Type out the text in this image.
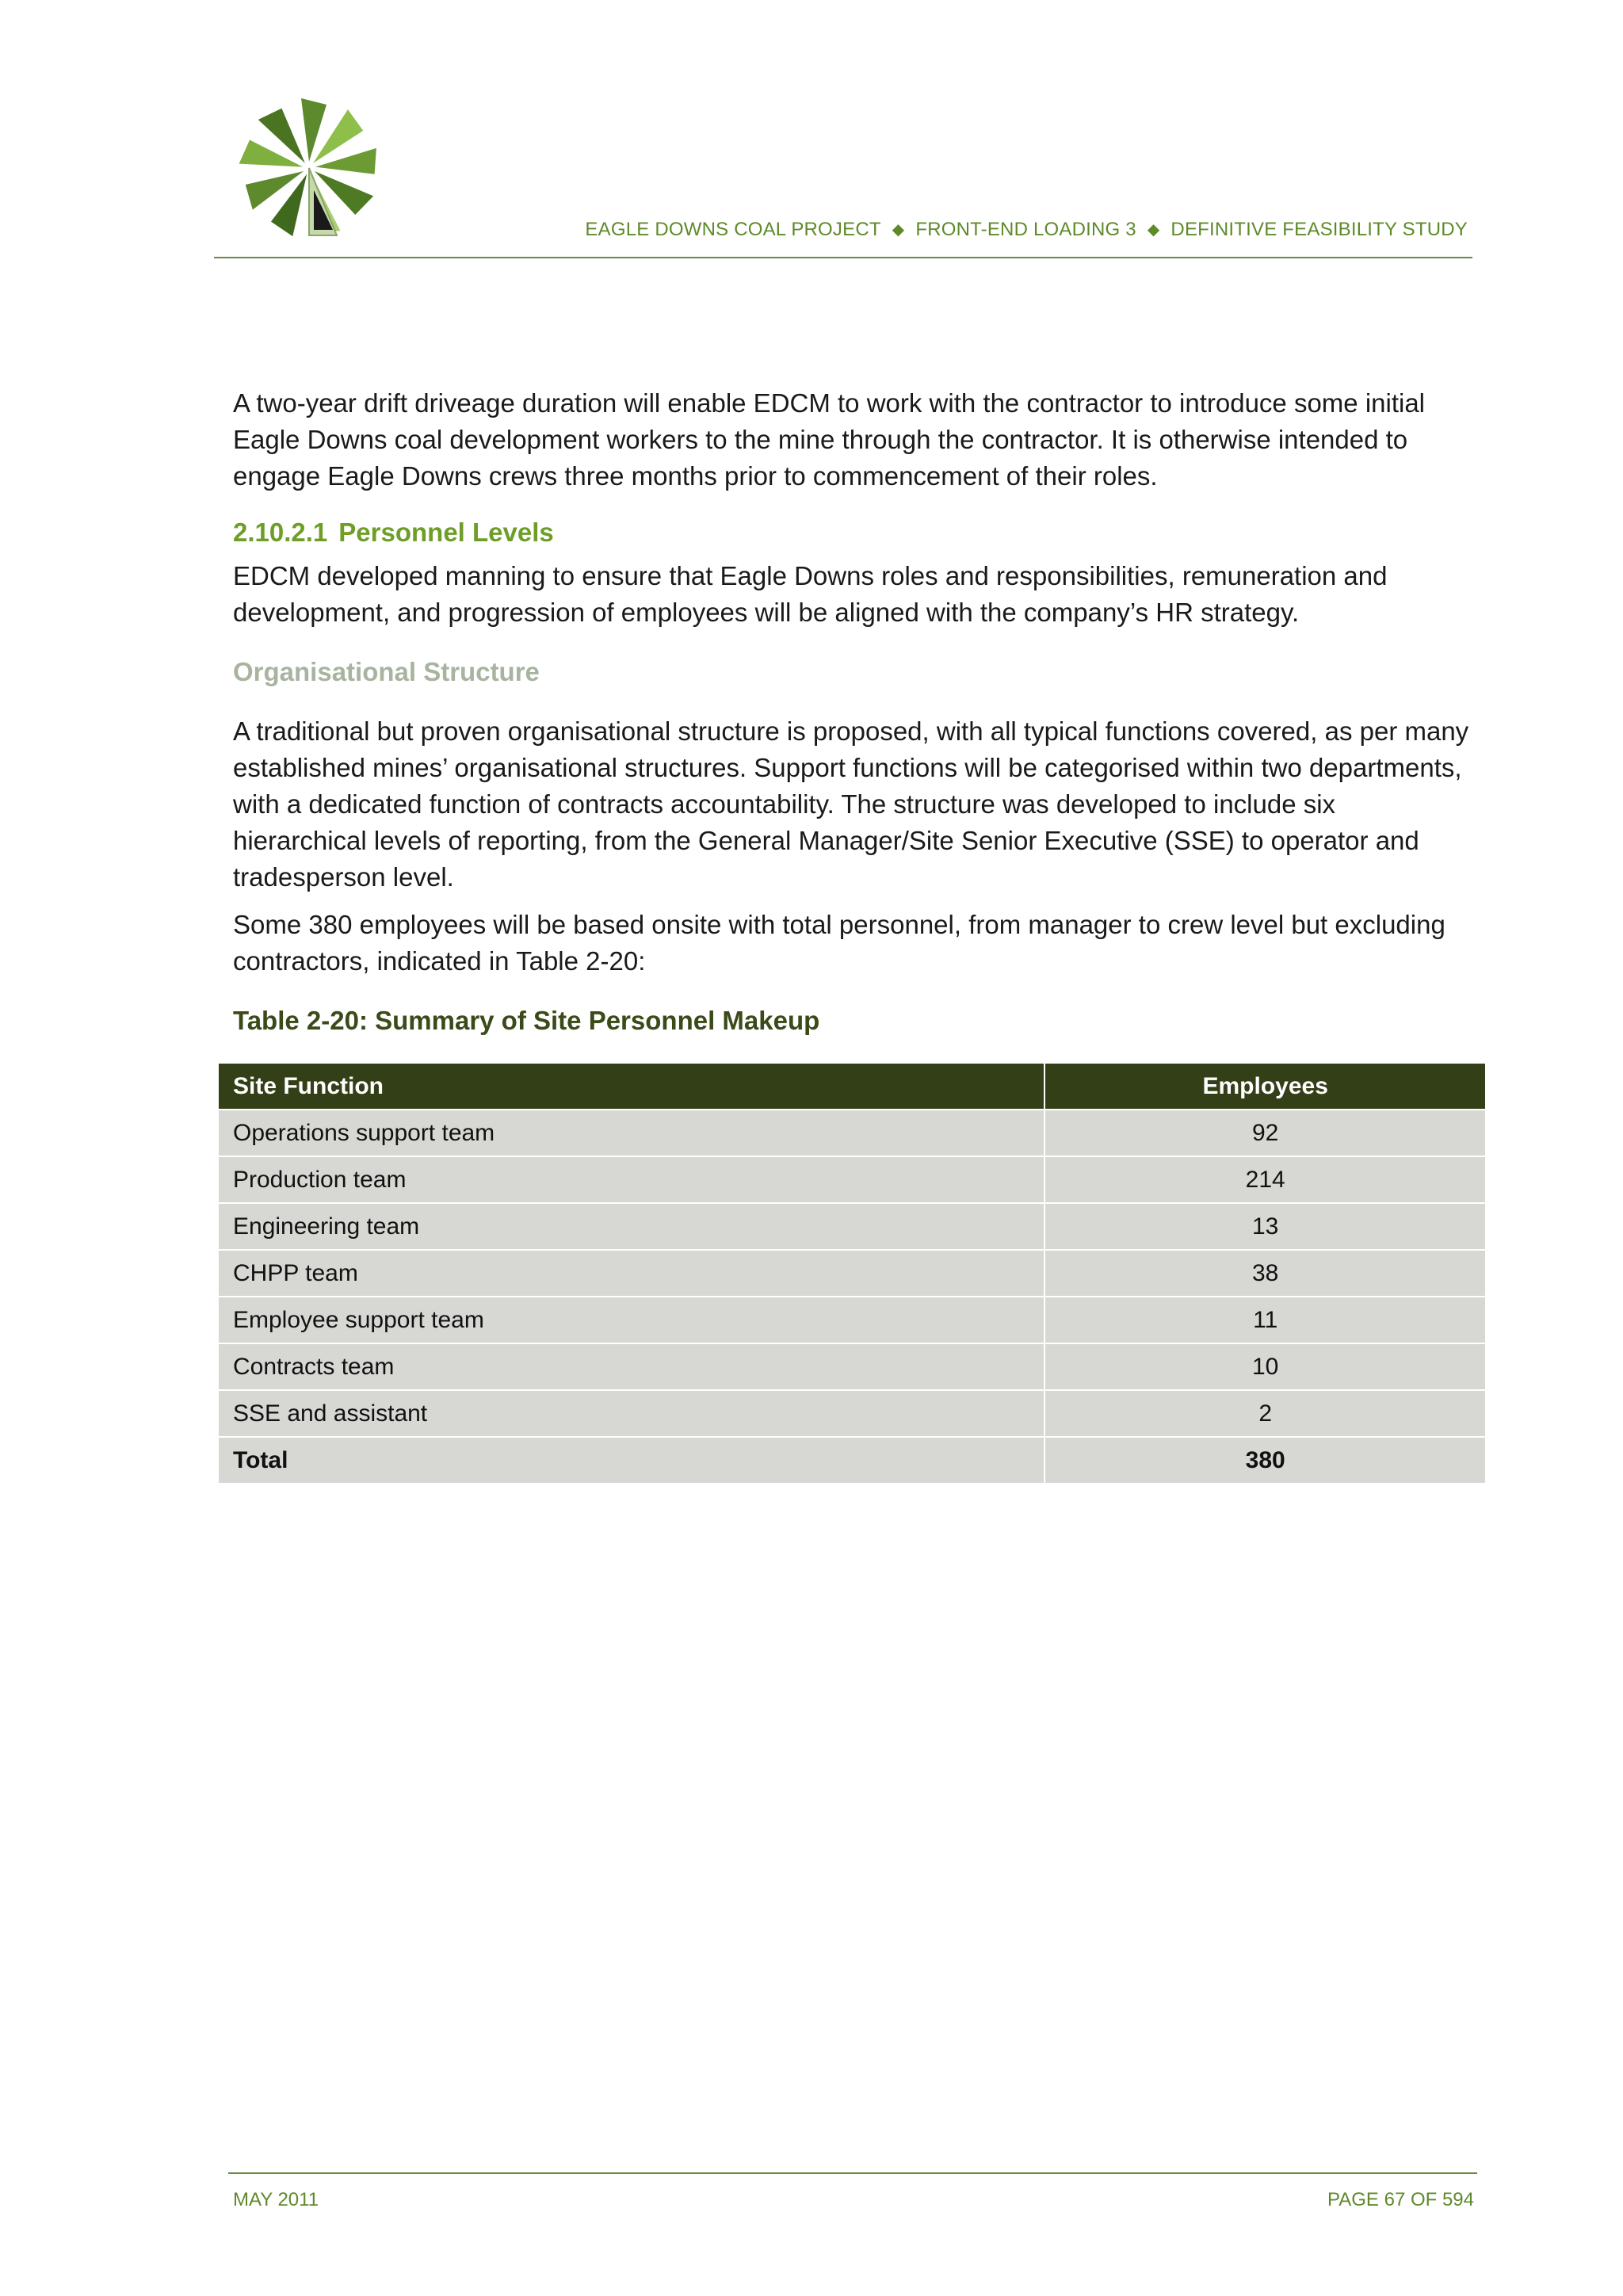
EAGLE DOWNS COAL PROJECT ◆ FRONT-END LOADING 3 ◆ DEFINITIVE FEASIBILITY STUDY

A two-year drift driveage duration will enable EDCM to work with the contractor to introduce some initial Eagle Downs coal development workers to the mine through the contractor. It is otherwise intended to engage Eagle Downs crews three months prior to commencement of their roles.

2.10.2.1 Personnel Levels

EDCM developed manning to ensure that Eagle Downs roles and responsibilities, remuneration and development, and progression of employees will be aligned with the company’s HR strategy.

Organisational Structure

A traditional but proven organisational structure is proposed, with all typical functions covered, as per many established mines’ organisational structures. Support functions will be categorised within two departments, with a dedicated function of contracts accountability. The structure was developed to include six hierarchical levels of reporting, from the General Manager/Site Senior Executive (SSE) to operator and tradesperson level.

Some 380 employees will be based onsite with total personnel, from manager to crew level but excluding contractors, indicated in Table 2-20:

Table 2-20: Summary of Site Personnel Makeup
Site Function	Employees
Operations support team	92
Production team	214
Engineering team	13
CHPP team	38
Employee support team	11
Contracts team	10
SSE and assistant	2
Total	380
MAY 2011	PAGE 67 OF 594
